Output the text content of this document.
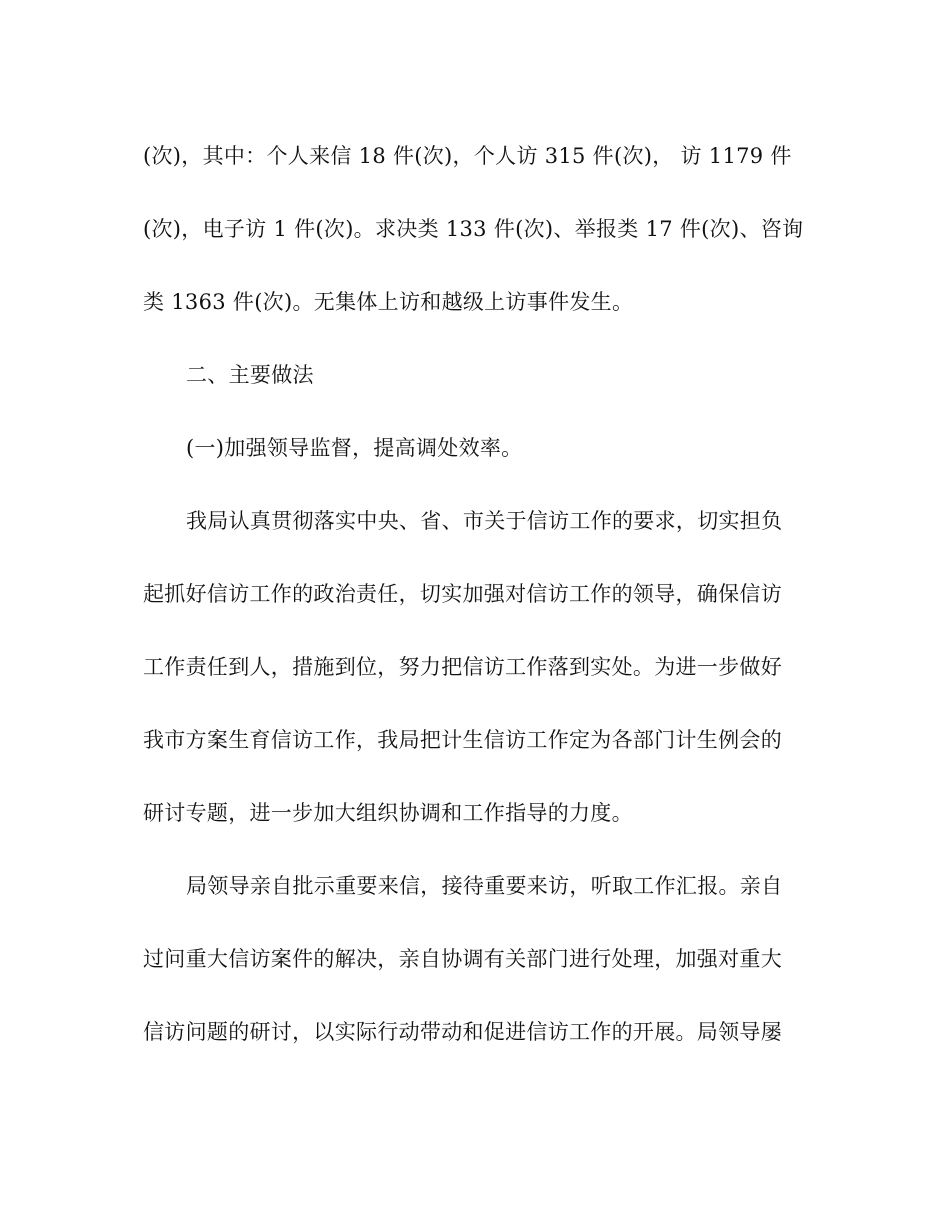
(次)，其中：个人来信 18 件(次)，个人访 315 件(次)， 访 1179 件
(次)，电子访 1 件(次)。求决类 133 件(次)、举报类 17 件(次)、咨询
类 1363 件(次)。无集体上访和越级上访事件发生。
二、主要做法
(一)加强领导监督，提高调处效率。
我局认真贯彻落实中央、省、市关于信访工作的要求，切实担负
起抓好信访工作的政治责任，切实加强对信访工作的领导，确保信访
工作责任到人，措施到位，努力把信访工作落到实处。为进一步做好
我市方案生育信访工作，我局把计生信访工作定为各部门计生例会的
研讨专题，进一步加大组织协调和工作指导的力度。
局领导亲自批示重要来信，接待重要来访，听取工作汇报。亲自
过问重大信访案件的解决，亲自协调有关部门进行处理，加强对重大
信访问题的研讨，以实际行动带动和促进信访工作的开展。局领导屡
